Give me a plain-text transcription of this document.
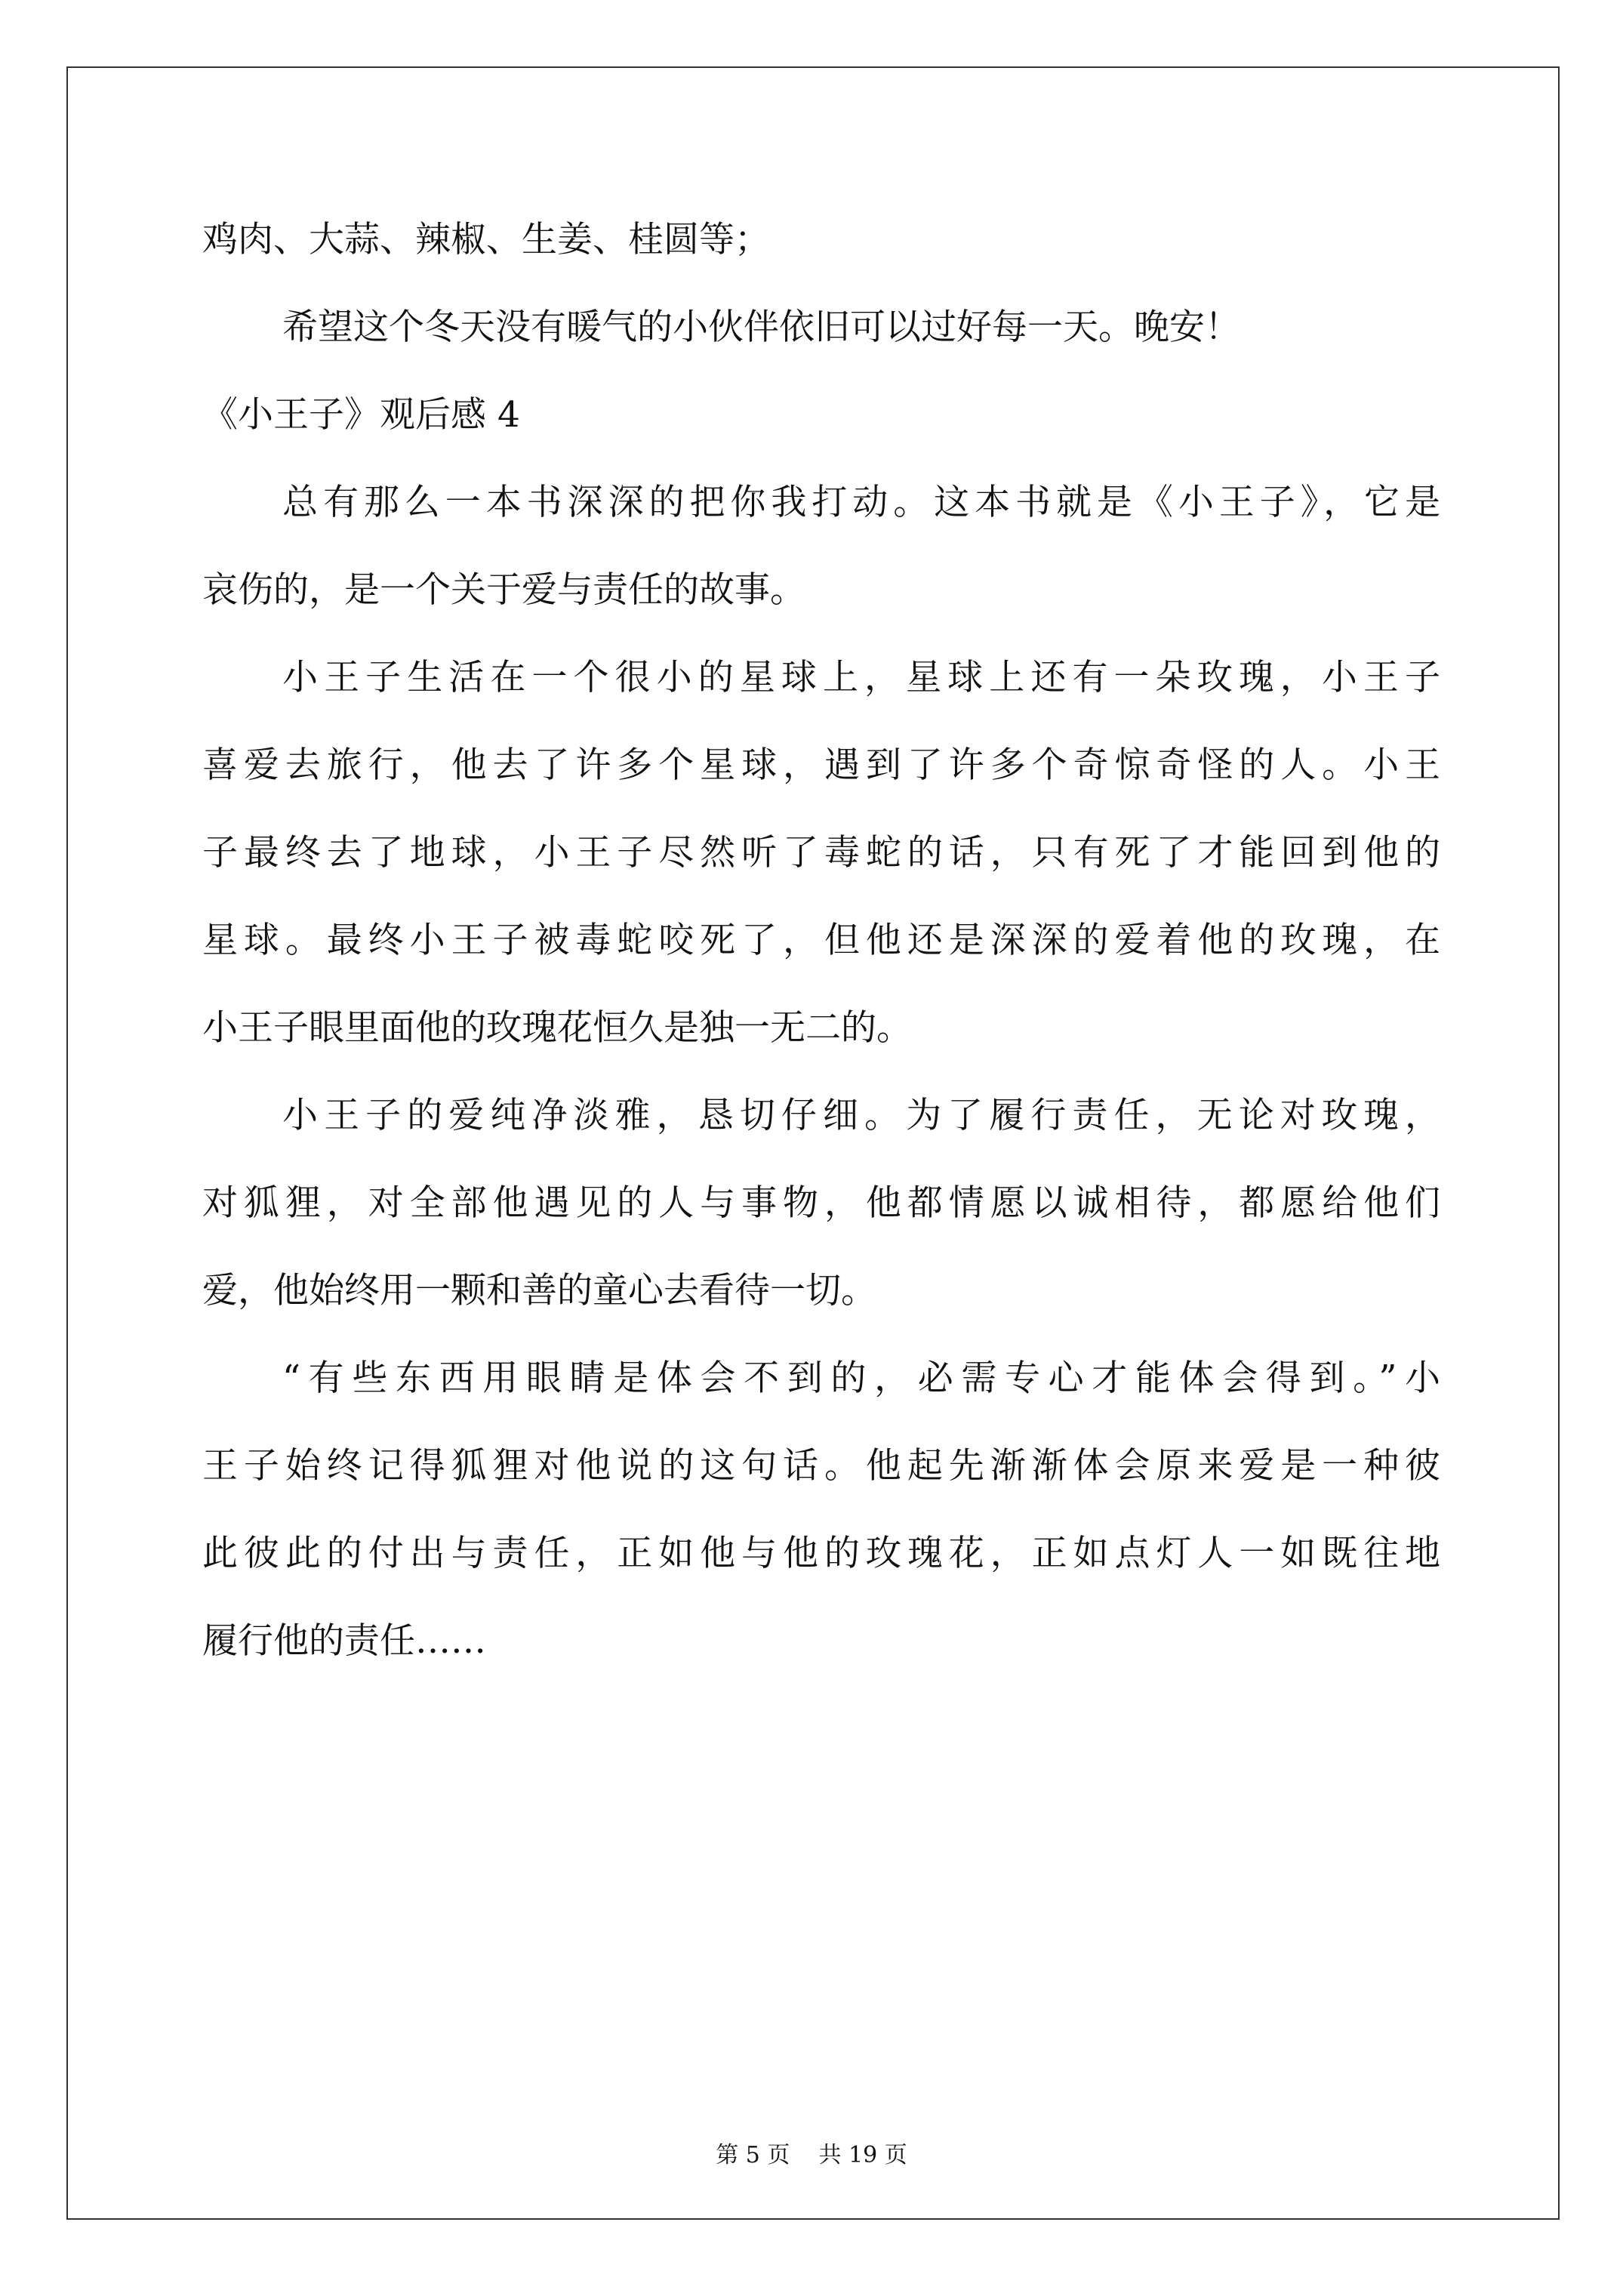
鸡肉、大蒜、辣椒、生姜、桂圆等；
希望这个冬天没有暖气的小伙伴依旧可以过好每一天。晚安！
《小王子》观后感 4
总有那么一本书深深的把你我打动。这本书就是《小王子》，它是
哀伤的，是一个关于爱与责任的故事。
小王子生活在一个很小的星球上，星球上还有一朵玫瑰，小王子
喜爱去旅行，他去了许多个星球，遇到了许多个奇惊奇怪的人。小王
子最终去了地球，小王子尽然听了毒蛇的话，只有死了才能回到他的
星球。最终小王子被毒蛇咬死了，但他还是深深的爱着他的玫瑰，在
小王子眼里面他的玫瑰花恒久是独一无二的。
小王子的爱纯净淡雅，恳切仔细。为了履行责任，无论对玫瑰，
对狐狸，对全部他遇见的人与事物，他都情愿以诚相待，都愿给他们
爱，他始终用一颗和善的童心去看待一切。
“有些东西用眼睛是体会不到的，必需专心才能体会得到。”小
王子始终记得狐狸对他说的这句话。他起先渐渐体会原来爱是一种彼
此彼此的付出与责任，正如他与他的玫瑰花，正如点灯人一如既往地
履行他的责任……
第 5 页 共 19 页
